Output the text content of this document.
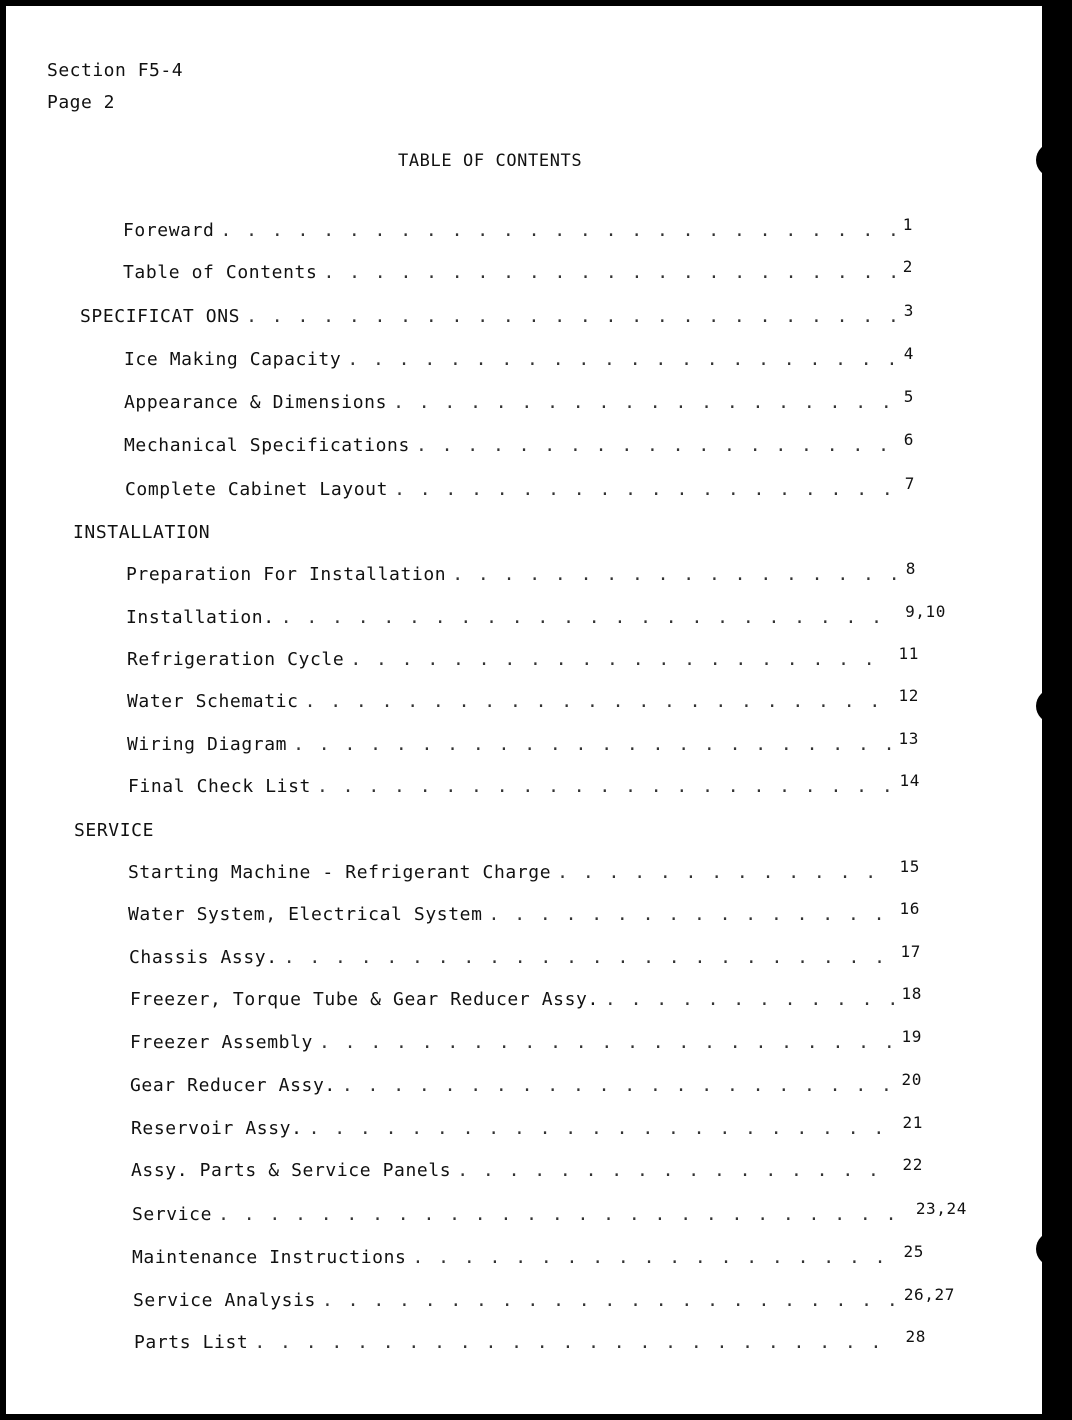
Section F5-4
Page 2
TABLE OF CONTENTS
Foreward . . .	1
Table of Contents . . .	2
SPECIFICAT ONS . . .	3
Ice Making Capacity . . .	4
Appearance & Dimensions . . .	5
Mechanical Specifications . . .	6
Complete Cabinet Layout . . .	7
INSTALLATION
Preparation For Installation . . .	8
Installation. . . .	9,10
Refrigeration Cycle . . .	11
Water Schematic . . .	12
Wiring Diagram . . .	13
Final Check List . . .	14
SERVICE
Starting Machine - Refrigerant Charge . . .	15
Water System, Electrical System . . .	16
Chassis Assy. . . .	17
Freezer, Torque Tube & Gear Reducer Assy. . . .	18
Freezer Assembly . . .	19
Gear Reducer Assy. . . .	20
Reservoir Assy. . . .	21
Assy. Parts & Service Panels . . .	22
Service . . .	23,24
Maintenance Instructions . . .	25
Service Analysis . . .	26,27
Parts List . . .	28
